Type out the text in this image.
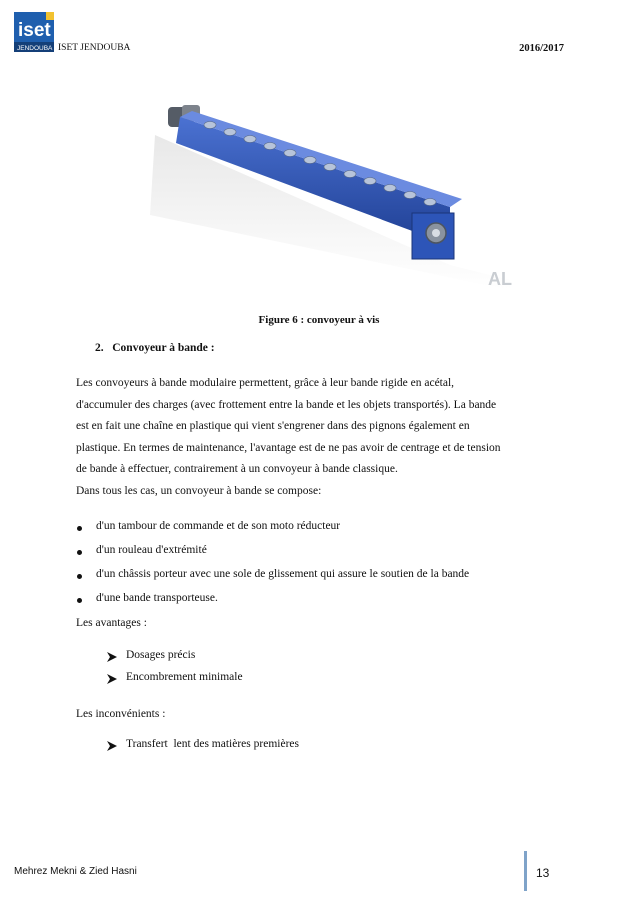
iset
JENDOUBA ISET JENDOUBA	2016/2017
AL
Figure 6 : convoyeur à vis
2.   Convoyeur à bande :
Les convoyeurs à bande modulaire permettent, grâce à leur bande rigide en acétal,
d'accumuler des charges (avec frottement entre la bande et les objets transportés). La bande
est en fait une chaîne en plastique qui vient s'engrener dans des pignons également en
plastique. En termes de maintenance, l'avantage est de ne pas avoir de centrage et de tension
de bande à effectuer, contrairement à un convoyeur à bande classique.
Dans tous les cas, un convoyeur à bande se compose:
d'un tambour de commande et de son moto réducteur
d'un rouleau d'extrémité
d'un châssis porteur avec une sole de glissement qui assure le soutien de la bande
d'une bande transporteuse.
Les avantages :
Dosages précis
Encombrement minimale
Les inconvénients :
Transfert  lent des matières premières
Mehrez Mekni & Zied Hasni	13
